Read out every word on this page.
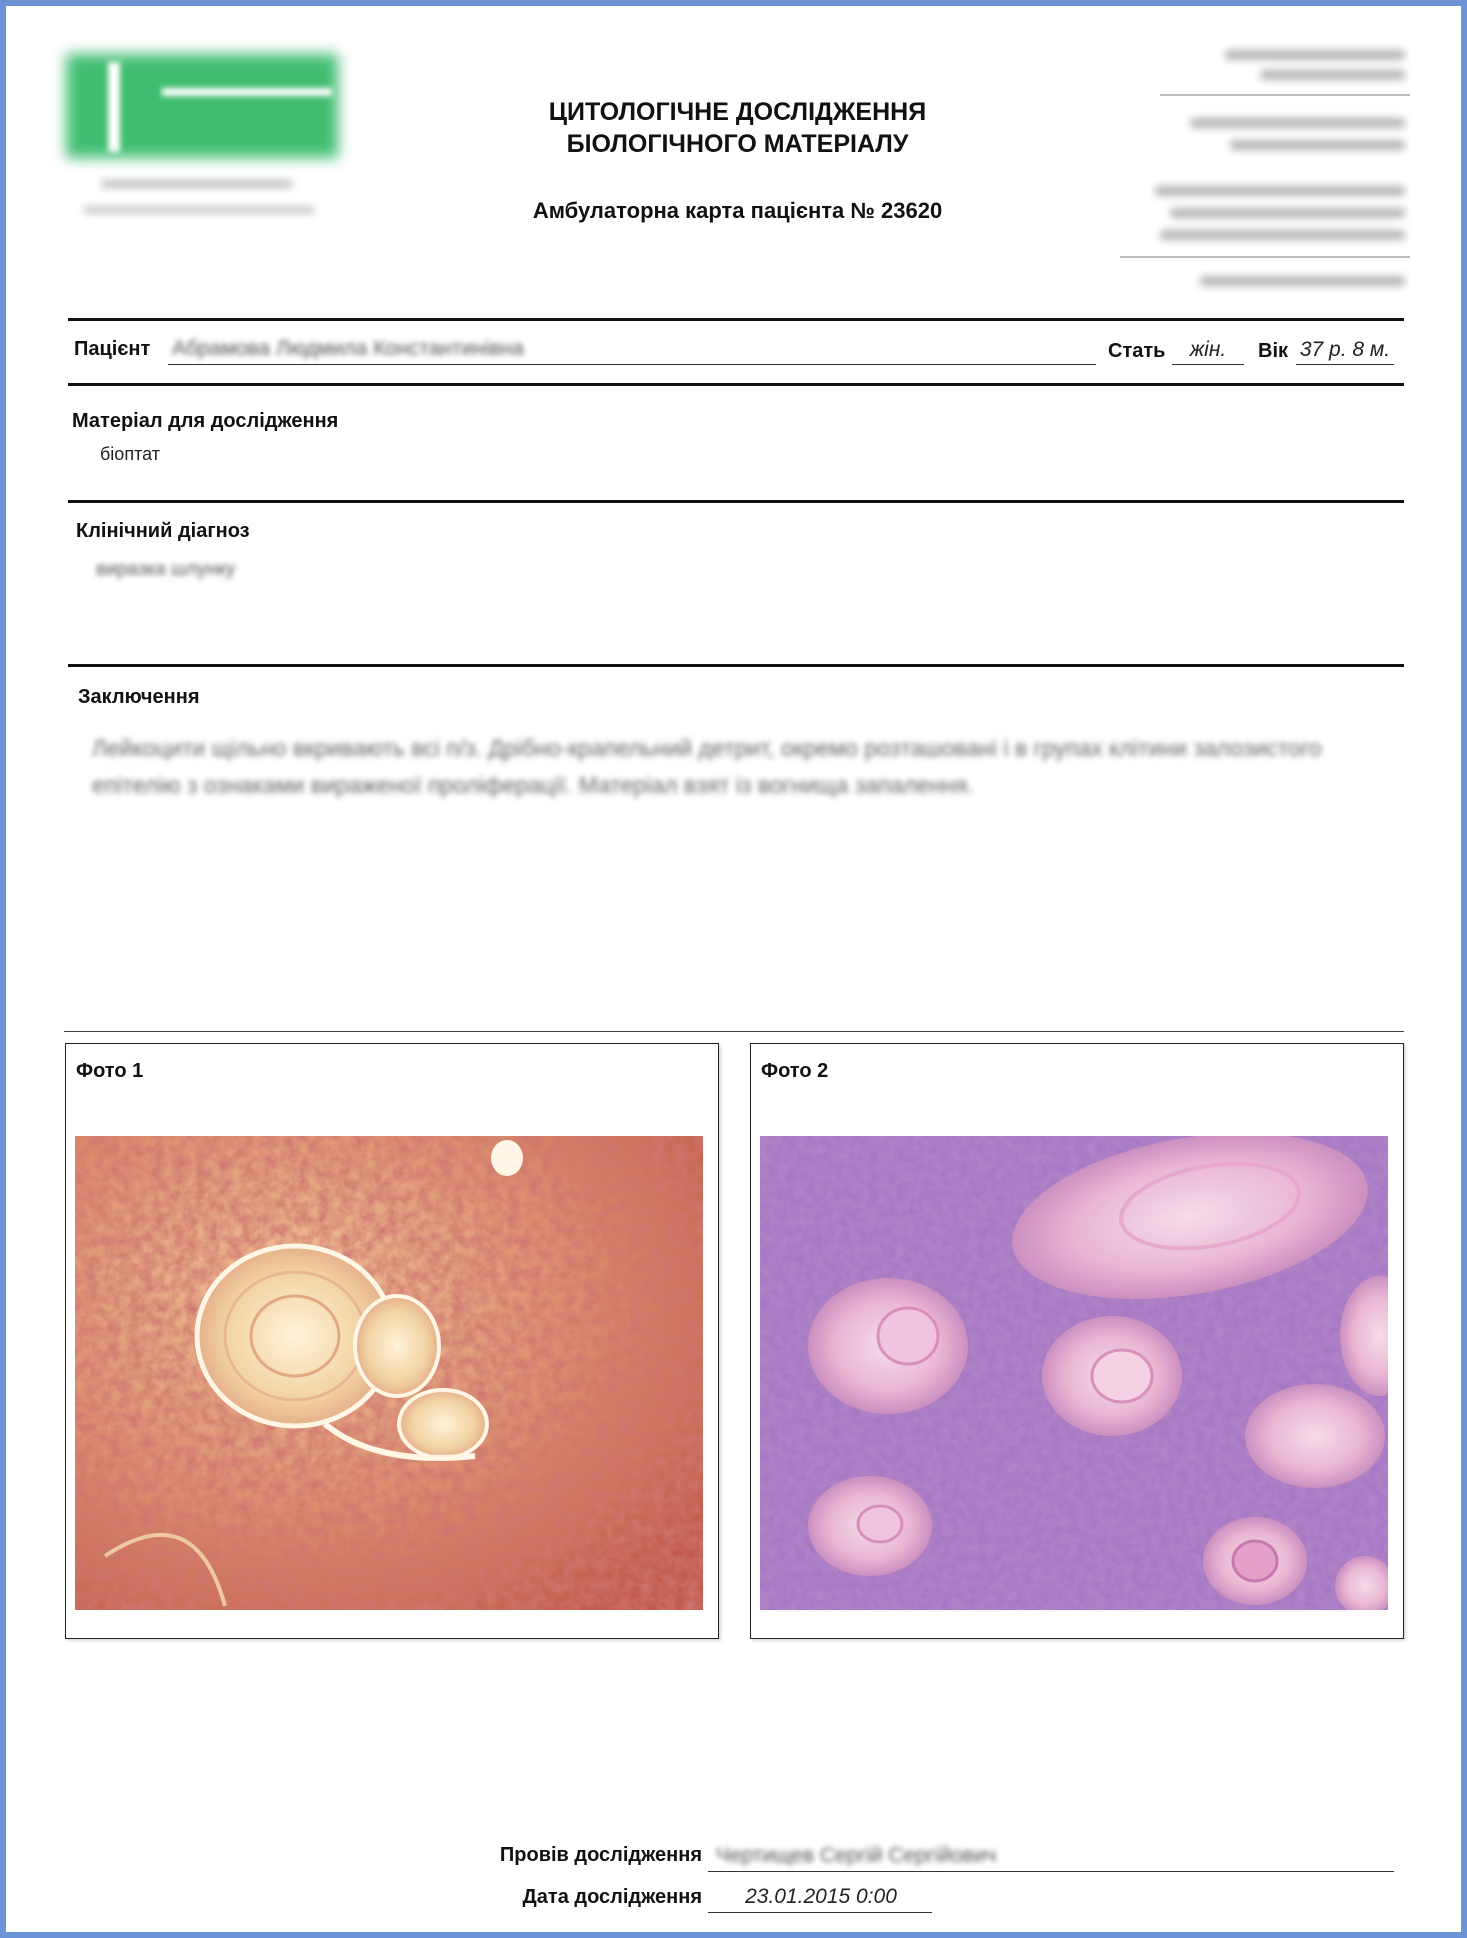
ЦИТОЛОГІЧНЕ ДОСЛІДЖЕННЯ
БІОЛОГІЧНОГО МАТЕРІАЛУ
Амбулаторна карта пацієнта № 23620
Пацієнт Абрамова Людмила Константинівна	Стать	жін.	Вік 37 р. 8 м.
Матеріал для дослідження
біоптат
Клінічний діагноз
виразка шлунку
Заключення
Лейкоцити щільно вкривають всі п/з. Дрібно-крапельний детрит, окремо розташовані і в групах клітини залозистого епітелію з ознаками вираженої проліферації. Матеріал взят із вогнища запалення.
Фото 1	Фото 2
Провів дослідження Чертищев Сергій Сергійович
Дата дослідження	23.01.2015 0:00
